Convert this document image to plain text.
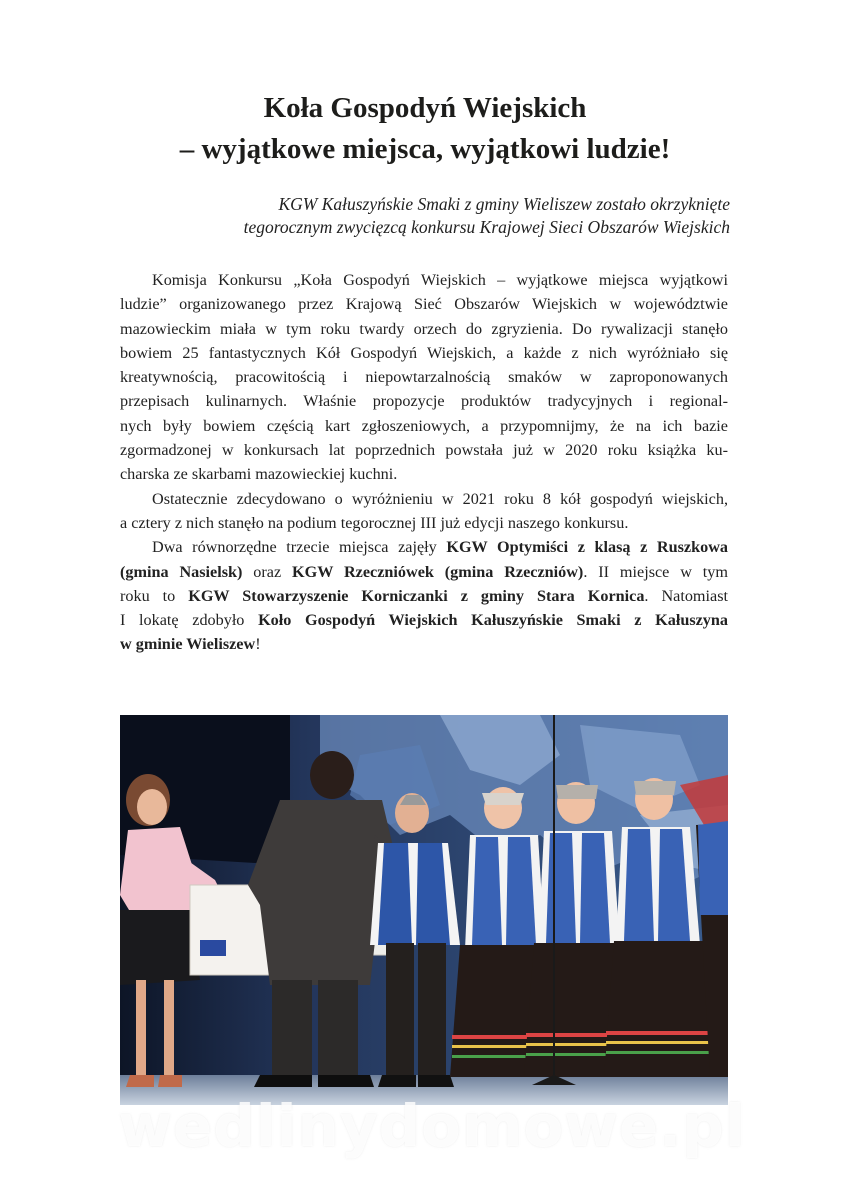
Koła Gospodyń Wiejskich
– wyjątkowe miejsca, wyjątkowi ludzie!
KGW Kałuszyńskie Smaki z gminy Wieliszew zostało okrzyknięte
tegorocznym zwycięzcą konkursu Krajowej Sieci Obszarów Wiejskich

Komisja Konkursu „Koła Gospodyń Wiejskich – wyjątkowe miejsca wyjątkowi
ludzie” organizowanego przez Krajową Sieć Obszarów Wiejskich w województwie
mazowieckim miała w tym roku twardy orzech do zgryzienia. Do rywalizacji stanęło
bowiem 25 fantastycznych Kół Gospodyń Wiejskich, a każde z nich wyróżniało się
kreatywnością, pracowitością i niepowtarzalnością smaków w zaproponowanych
przepisach kulinarnych. Właśnie propozycje produktów tradycyjnych i regional-
nych były bowiem częścią kart zgłoszeniowych, a przypomnijmy, że na ich bazie
zgormadzonej w konkursach lat poprzednich powstała już w 2020 roku książka ku-
charska ze skarbami mazowieckiej kuchni.

Ostatecznie zdecydowano o wyróżnieniu w 2021 roku 8 kół gospodyń wiejskich,
a cztery z nich stanęło na podium tegorocznej III już edycji naszego konkursu.

Dwa równorzędne trzecie miejsca zajęły KGW Optymiści z klasą z Ruszkowa
(gmina Nasielsk) oraz KGW Rzeczniówek (gmina Rzeczniów). II miejsce w tym
roku to KGW Stowarzyszenie Korniczanki z gminy Stara Kornica. Natomiast
I lokatę zdobyło Koło Gospodyń Wiejskich Kałuszyńskie Smaki z Kałuszyna
w gminie Wieliszew!

wedlinydomowe.pl
